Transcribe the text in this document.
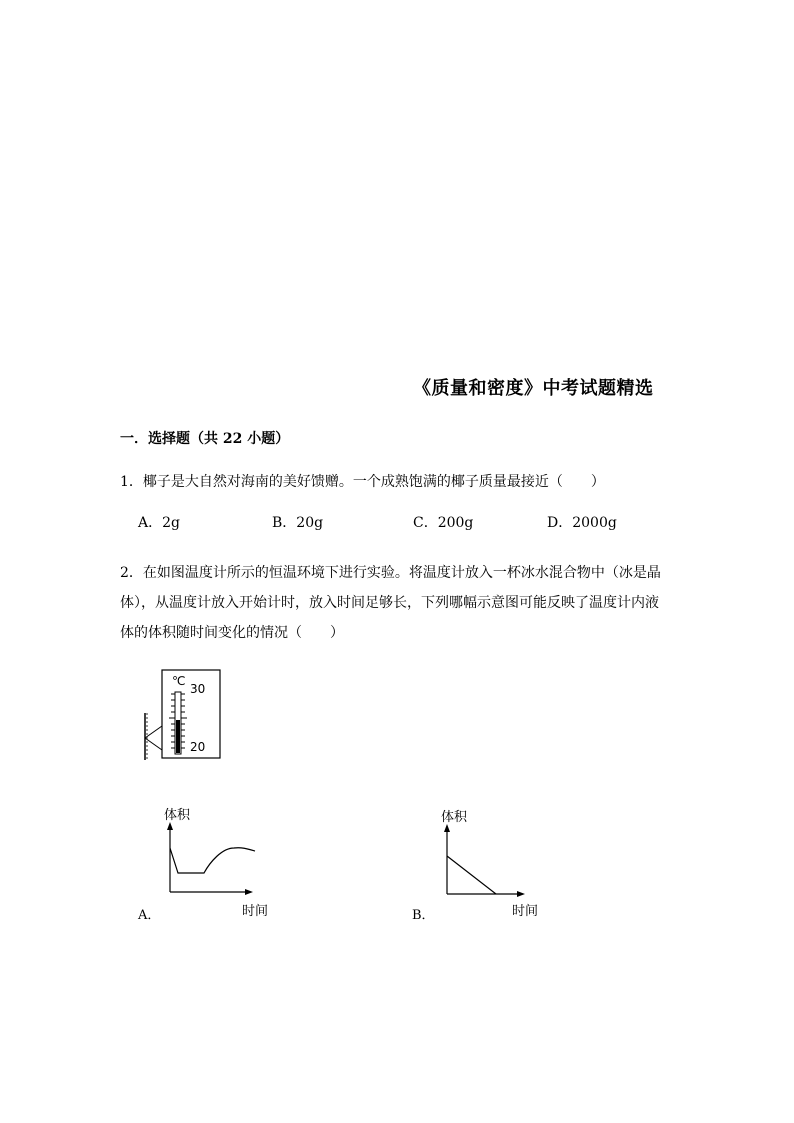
《质量和密度》中考试题精选
一．选择题（共 22 小题）
1．椰子是大自然对海南的美好馈赠。一个成熟饱满的椰子质量最接近（　　）
A．2g	B．20g	C．200g	D．2000g
2．在如图温度计所示的恒温环境下进行实验。将温度计放入一杯冰水混合物中（冰是晶
体），从温度计放入开始计时，放入时间足够长，下列哪幅示意图可能反映了温度计内液
体的体积随时间变化的情况（　　）
℃
30
20
体积
时间
A．
体积
时间
B．
